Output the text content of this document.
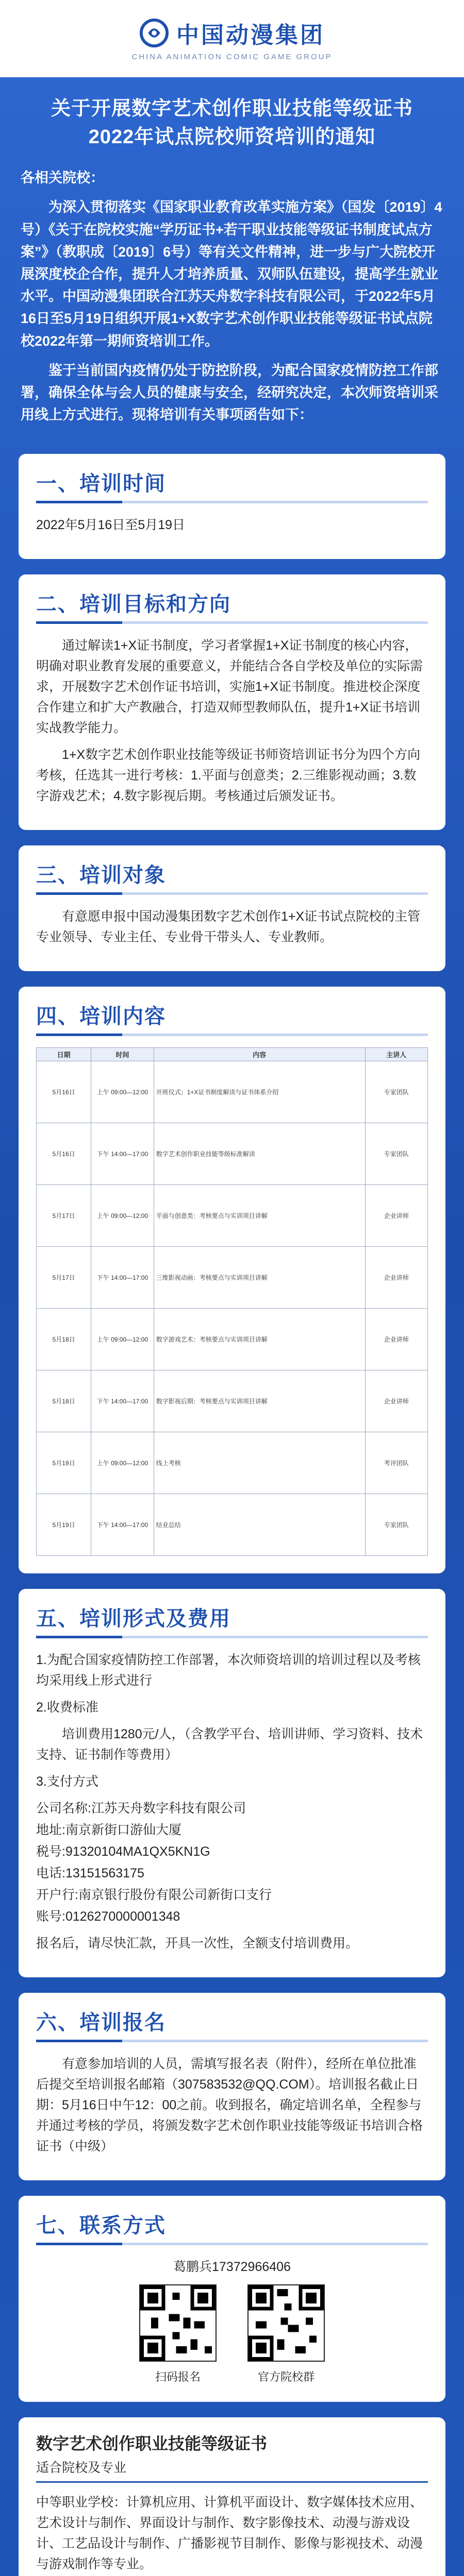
中国动漫集团
CHINA ANIMATION COMIC GAME GROUP
关于开展数字艺术创作职业技能等级证书
2022年试点院校师资培训的通知

各相关院校：

为深入贯彻落实《国家职业教育改革实施方案》（国发〔2019〕4号）《关于在院校实施“学历证书+若干职业技能等级证书制度试点方案”》（教职成〔2019〕6号）等有关文件精神，进一步与广大院校开展深度校企合作，提升人才培养质量、双师队伍建设，提高学生就业水平。中国动漫集团联合江苏天舟数字科技有限公司，于2022年5月16日至5月19日组织开展1+X数字艺术创作职业技能等级证书试点院校2022年第一期师资培训工作。

鉴于当前国内疫情仍处于防控阶段，为配合国家疫情防控工作部署，确保全体与会人员的健康与安全，经研究决定，本次师资培训采用线上方式进行。现将培训有关事项函告如下：

一、培训时间

2022年5月16日至5月19日

二、培训目标和方向

通过解读1+X证书制度，学习者掌握1+X证书制度的核心内容，明确对职业教育发展的重要意义，并能结合各自学校及单位的实际需求，开展数字艺术创作证书培训，实施1+X证书制度。推进校企深度合作建立和扩大产教融合，打造双师型教师队伍，提升1+X证书培训实战教学能力。

1+X数字艺术创作职业技能等级证书师资培训证书分为四个方向考核，任选其一进行考核：1.平面与创意类；2.三维影视动画；3.数字游戏艺术；4.数字影视后期。考核通过后颁发证书。

三、培训对象

有意愿申报中国动漫集团数字艺术创作1+X证书试点院校的主管专业领导、专业主任、专业骨干带头人、专业教师。

四、培训内容
日期	时间	内容	主讲人
5月16日	上午 09:00—12:00	开班仪式；1+X证书制度解读与证书体系介绍	专家团队
5月16日	下午 14:00—17:00	数字艺术创作职业技能等级标准解读	专家团队
5月17日	上午 09:00—12:00	平面与创意类：考核要点与实训项目讲解	企业讲师
5月17日	下午 14:00—17:00	三维影视动画：考核要点与实训项目讲解	企业讲师
5月18日	上午 09:00—12:00	数字游戏艺术：考核要点与实训项目讲解	企业讲师
5月18日	下午 14:00—17:00	数字影视后期：考核要点与实训项目讲解	企业讲师
5月19日	上午 09:00—12:00	线上考核	考评团队
5月19日	下午 14:00—17:00	结业总结	专家团队
五、培训形式及费用

1.为配合国家疫情防控工作部署，本次师资培训的培训过程以及考核均采用线上形式进行

2.收费标准

培训费用1280元/人，（含教学平台、培训讲师、学习资料、技术支持、证书制作等费用）

3.支付方式

公司名称:江苏天舟数字科技有限公司

地址:南京新街口游仙大厦

税号:91320104MA1QX5KN1G

电话:13151563175

开户行:南京银行股份有限公司新街口支行

账号:0126270000001348

报名后，请尽快汇款，开具一次性，全额支付培训费用。

六、培训报名

有意参加培训的人员，需填写报名表（附件），经所在单位批准后提交至培训报名邮箱（307583532@QQ.COM）。培训报名截止日期：5月16日中午12：00之前。收到报名，确定培训名单，全程参与并通过考核的学员，将颁发数字艺术创作职业技能等级证书培训合格证书（中级）

七、联系方式

葛鹏兵17372966406

扫码报名	官方院校群
数字艺术创作职业技能等级证书
适合院校及专业
中等职业学校：计算机应用、计算机平面设计、数字媒体技术应用、艺术设计与制作、界面设计与制作、数字影像技术、动漫与游戏设计、工艺品设计与制作、广播影视节目制作、影像与影视技术、动漫与游戏制作等专业。
